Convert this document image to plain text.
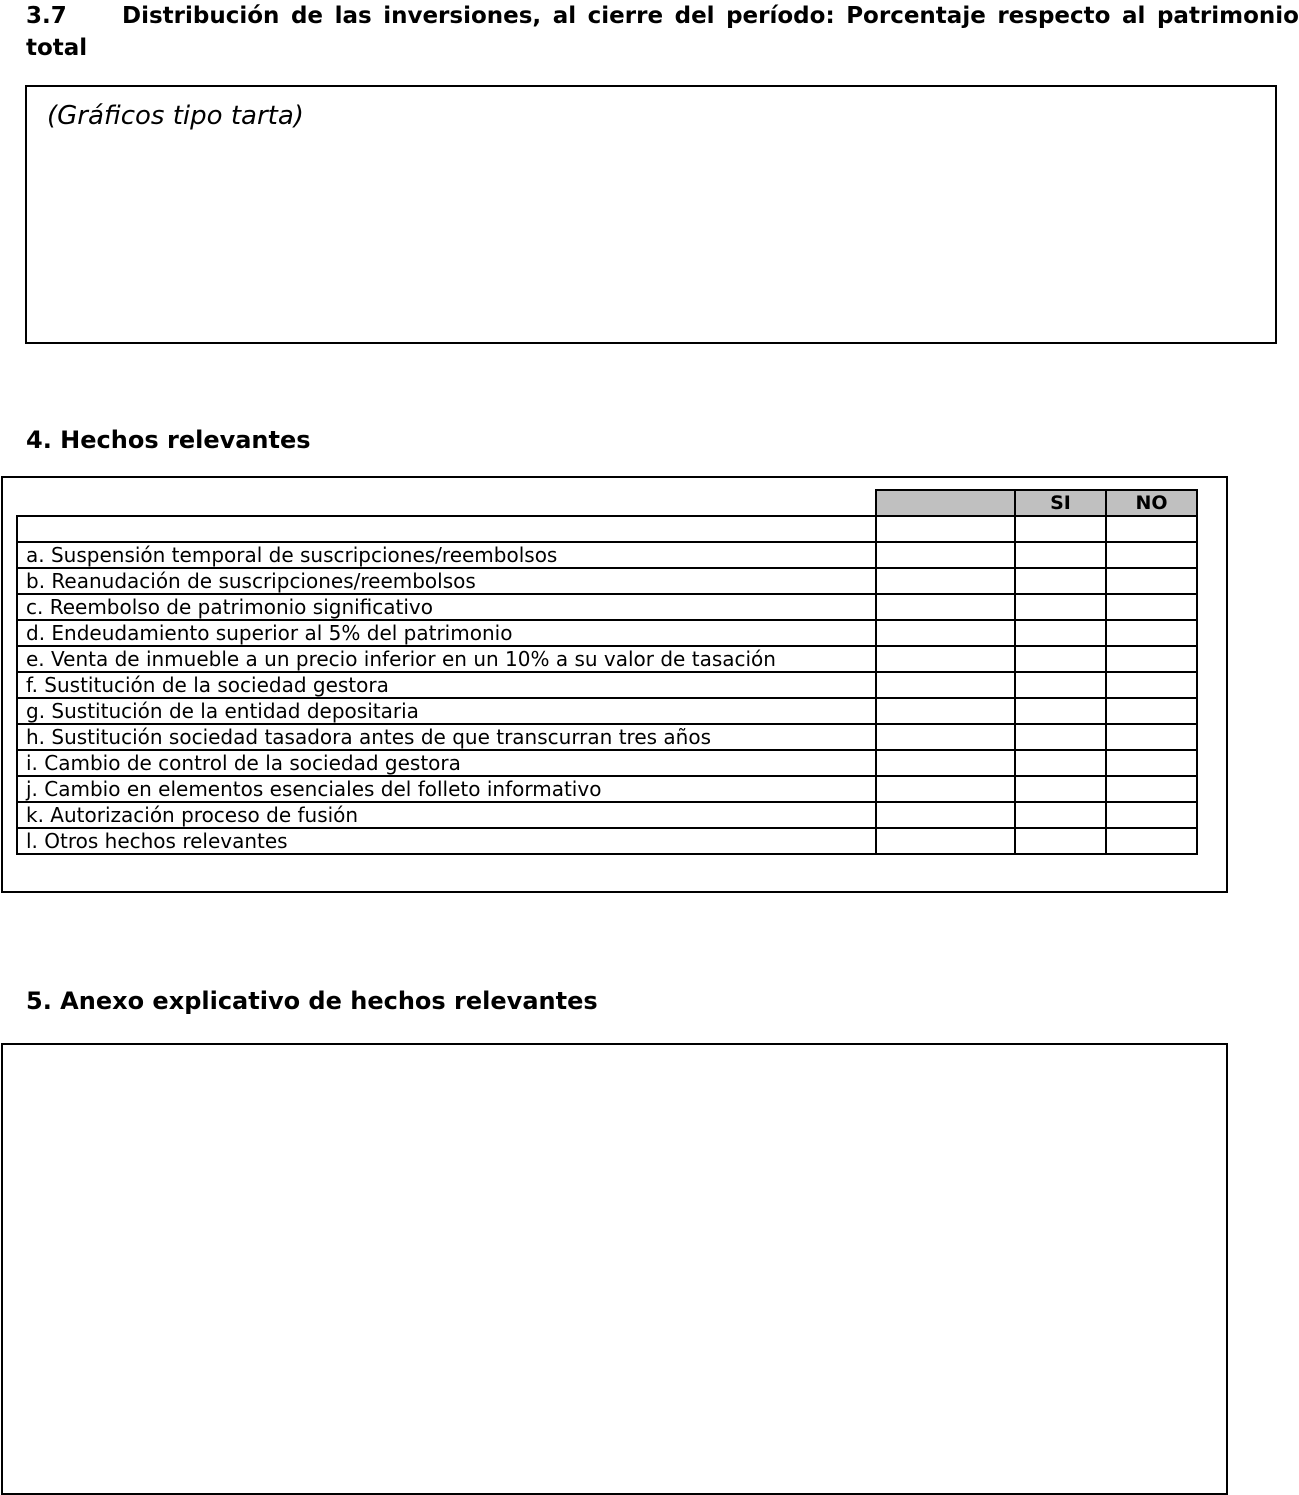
3.7 Distribución de las inversiones, al cierre del período: Porcentaje respecto al patrimonio total
(Gráficos tipo tarta)
4. Hechos relevantes
		SI	NO

a. Suspensión temporal de suscripciones/reembolsos			
b. Reanudación de suscripciones/reembolsos			
c. Reembolso de patrimonio significativo			
d. Endeudamiento superior al 5% del patrimonio			
e. Venta de inmueble a un precio inferior en un 10% a su valor de tasación			
f. Sustitución de la sociedad gestora			
g. Sustitución de la entidad depositaria			
h. Sustitución sociedad tasadora antes de que transcurran tres años			
i. Cambio de control de la sociedad gestora			
j. Cambio en elementos esenciales del folleto informativo			
k. Autorización proceso de fusión			
l. Otros hechos relevantes			
5. Anexo explicativo de hechos relevantes
